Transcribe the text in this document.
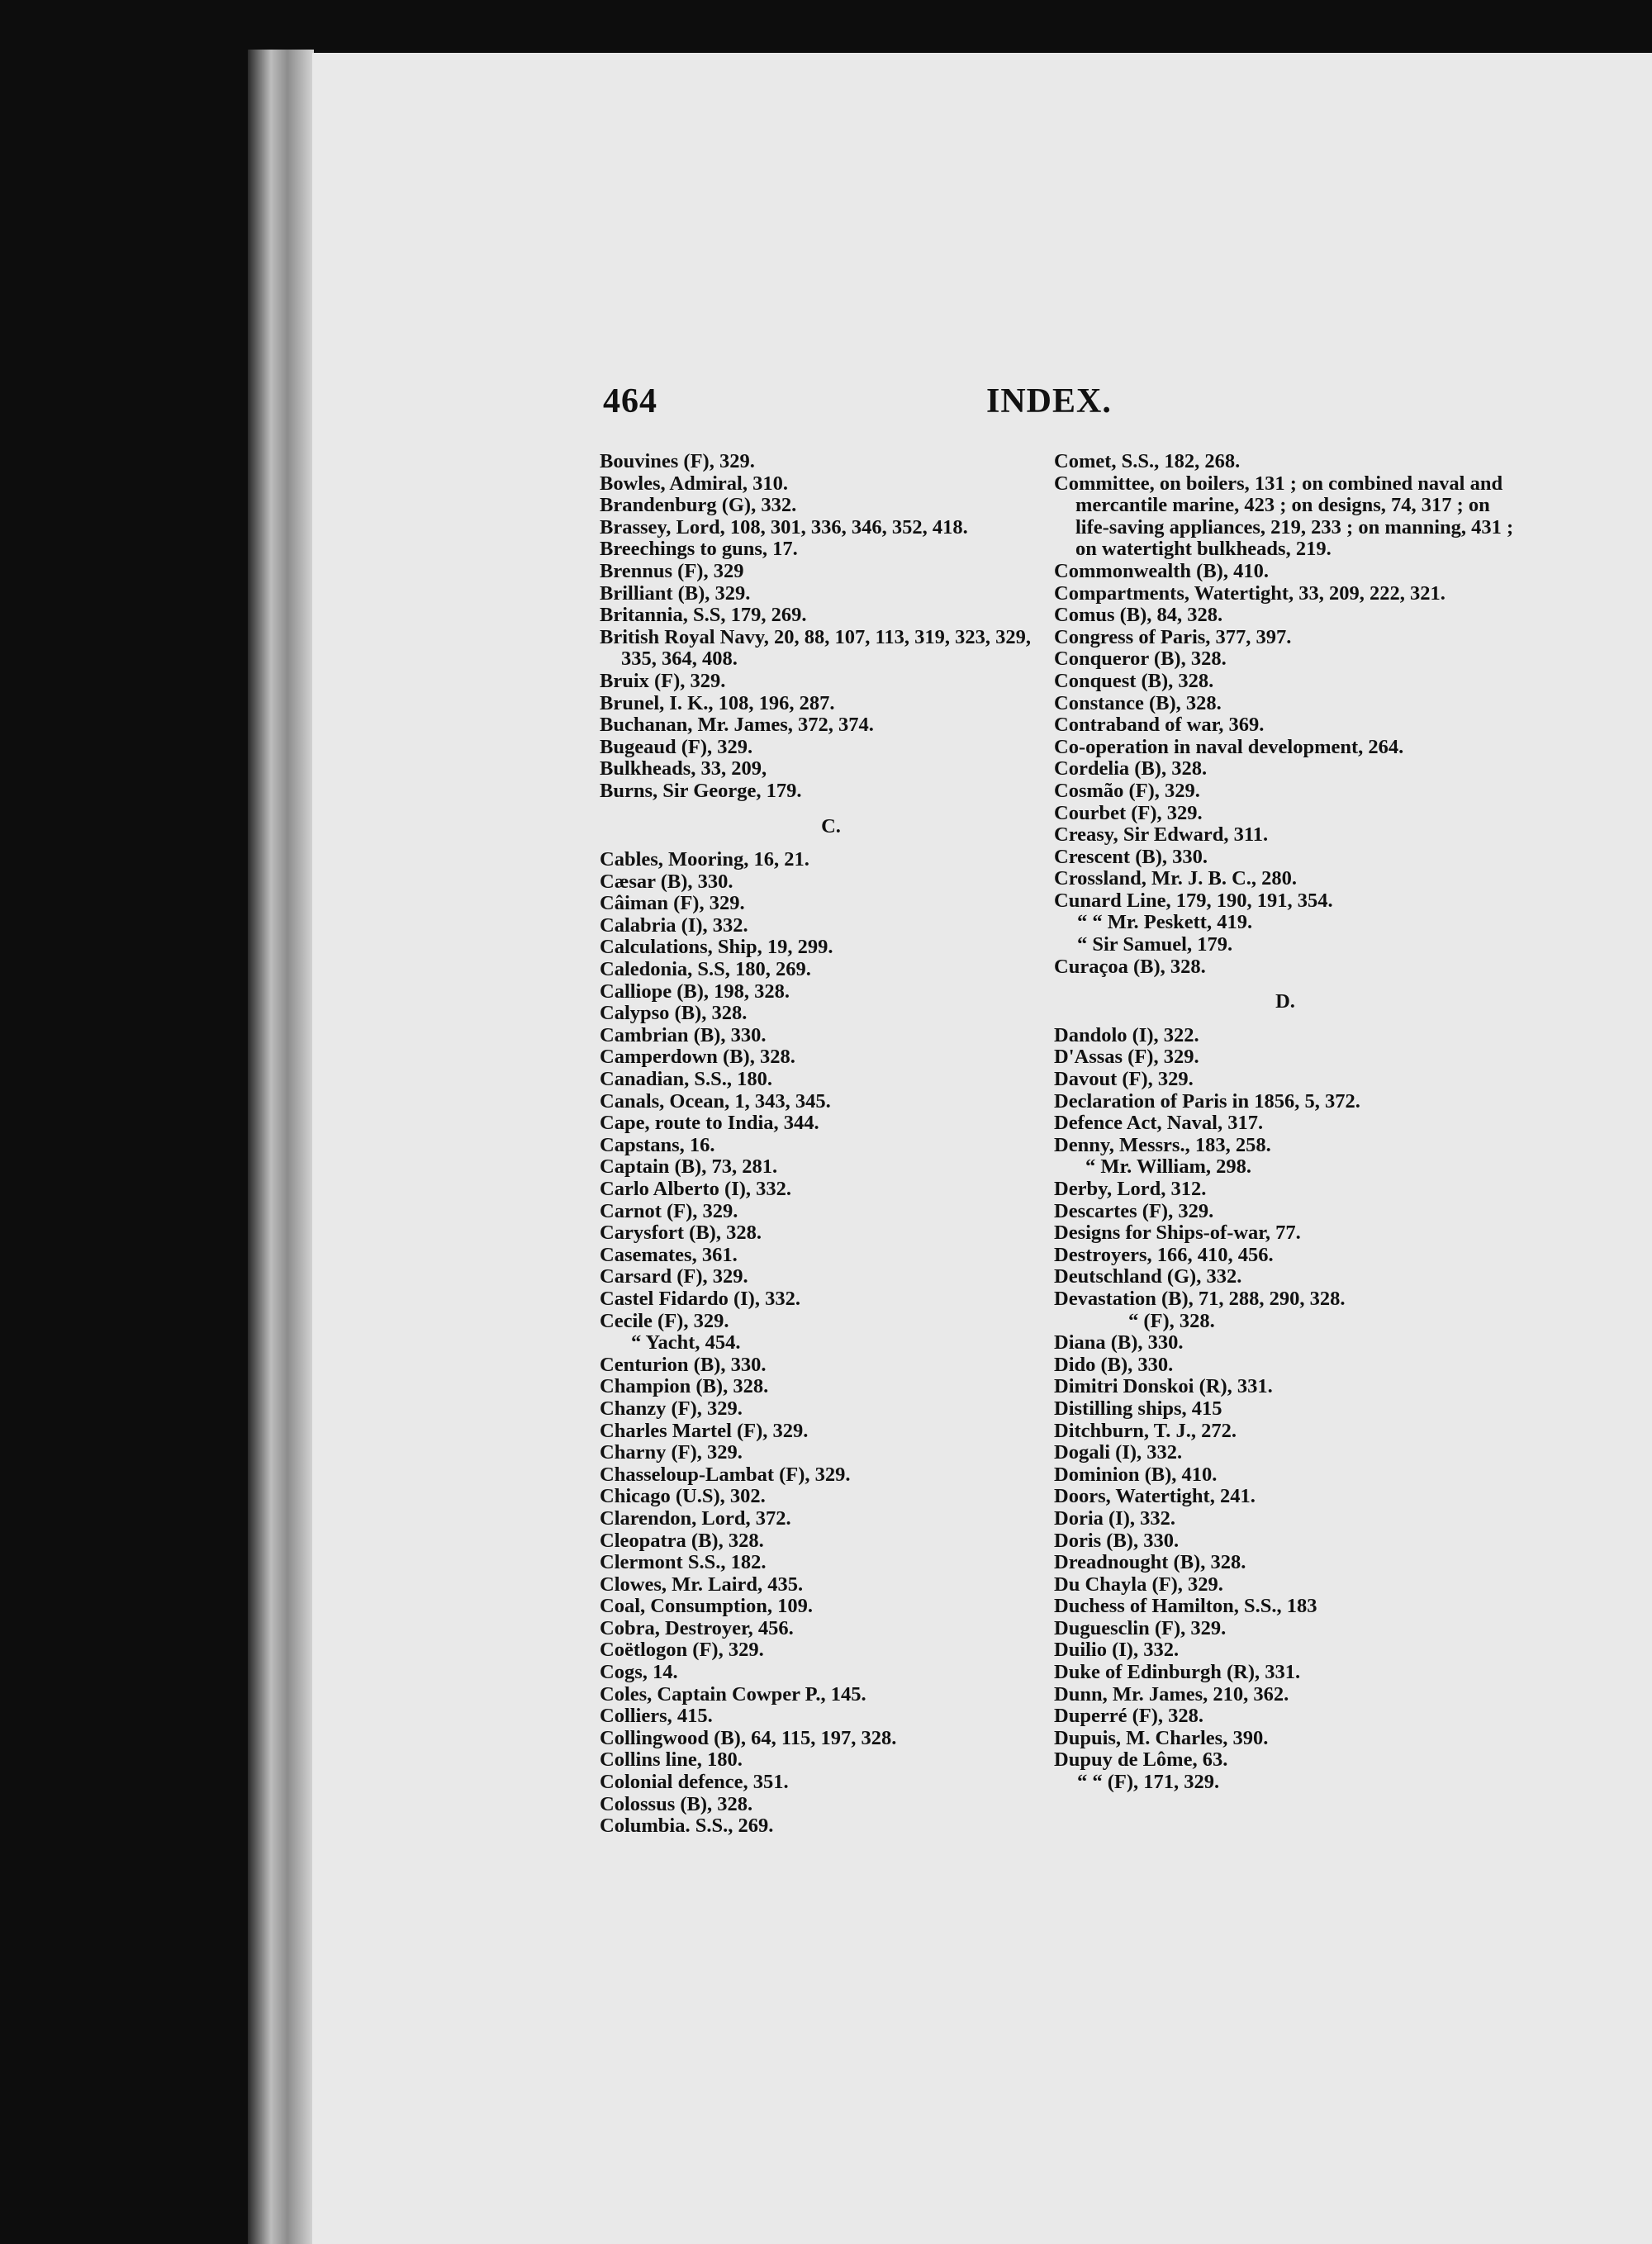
464	INDEX.
Bouvines (F), 329.
Bowles, Admiral, 310.
Brandenburg (G), 332.
Brassey, Lord, 108, 301, 336, 346, 352, 418.
Breechings to guns, 17.
Brennus (F), 329
Brilliant (B), 329.
Britannia, S.S, 179, 269.
British Royal Navy, 20, 88, 107, 113, 319, 323, 329, 335, 364, 408.
Bruix (F), 329.
Brunel, I. K., 108, 196, 287.
Buchanan, Mr. James, 372, 374.
Bugeaud (F), 329.
Bulkheads, 33, 209,
Burns, Sir George, 179.
C.
Cables, Mooring, 16, 21.
Cæsar (B), 330.
Câiman (F), 329.
Calabria (I), 332.
Calculations, Ship, 19, 299.
Caledonia, S.S, 180, 269.
Calliope (B), 198, 328.
Calypso (B), 328.
Cambrian (B), 330.
Camperdown (B), 328.
Canadian, S.S., 180.
Canals, Ocean, 1, 343, 345.
Cape, route to India, 344.
Capstans, 16.
Captain (B), 73, 281.
Carlo Alberto (I), 332.
Carnot (F), 329.
Carysfort (B), 328.
Casemates, 361.
Carsard (F), 329.
Castel Fidardo (I), 332.
Cecile (F), 329.
“ Yacht, 454.
Centurion (B), 330.
Champion (B), 328.
Chanzy (F), 329.
Charles Martel (F), 329.
Charny (F), 329.
Chasseloup-Lambat (F), 329.
Chicago (U.S), 302.
Clarendon, Lord, 372.
Cleopatra (B), 328.
Clermont S.S., 182.
Clowes, Mr. Laird, 435.
Coal, Consumption, 109.
Cobra, Destroyer, 456.
Coëtlogon (F), 329.
Cogs, 14.
Coles, Captain Cowper P., 145.
Colliers, 415.
Collingwood (B), 64, 115, 197, 328.
Collins line, 180.
Colonial defence, 351.
Colossus (B), 328.
Columbia. S.S., 269.
Comet, S.S., 182, 268.
Committee, on boilers, 131 ; on combined naval and mercantile marine, 423 ; on designs, 74, 317 ; on life-saving appliances, 219, 233 ; on manning, 431 ; on watertight bulkheads, 219.
Commonwealth (B), 410.
Compartments, Watertight, 33, 209, 222, 321.
Comus (B), 84, 328.
Congress of Paris, 377, 397.
Conqueror (B), 328.
Conquest (B), 328.
Constance (B), 328.
Contraband of war, 369.
Co-operation in naval development, 264.
Cordelia (B), 328.
Cosmão (F), 329.
Courbet (F), 329.
Creasy, Sir Edward, 311.
Crescent (B), 330.
Crossland, Mr. J. B. C., 280.
Cunard Line, 179, 190, 191, 354.
“ “ Mr. Peskett, 419.
“ Sir Samuel, 179.
Curaçoa (B), 328.
D.
Dandolo (I), 322.
D'Assas (F), 329.
Davout (F), 329.
Declaration of Paris in 1856, 5, 372.
Defence Act, Naval, 317.
Denny, Messrs., 183, 258.
“ Mr. William, 298.
Derby, Lord, 312.
Descartes (F), 329.
Designs for Ships-of-war, 77.
Destroyers, 166, 410, 456.
Deutschland (G), 332.
Devastation (B), 71, 288, 290, 328.
“ (F), 328.
Diana (B), 330.
Dido (B), 330.
Dimitri Donskoi (R), 331.
Distilling ships, 415
Ditchburn, T. J., 272.
Dogali (I), 332.
Dominion (B), 410.
Doors, Watertight, 241.
Doria (I), 332.
Doris (B), 330.
Dreadnought (B), 328.
Du Chayla (F), 329.
Duchess of Hamilton, S.S., 183
Duguesclin (F), 329.
Duilio (I), 332.
Duke of Edinburgh (R), 331.
Dunn, Mr. James, 210, 362.
Duperré (F), 328.
Dupuis, M. Charles, 390.
Dupuy de Lôme, 63.
“ “ (F), 171, 329.
